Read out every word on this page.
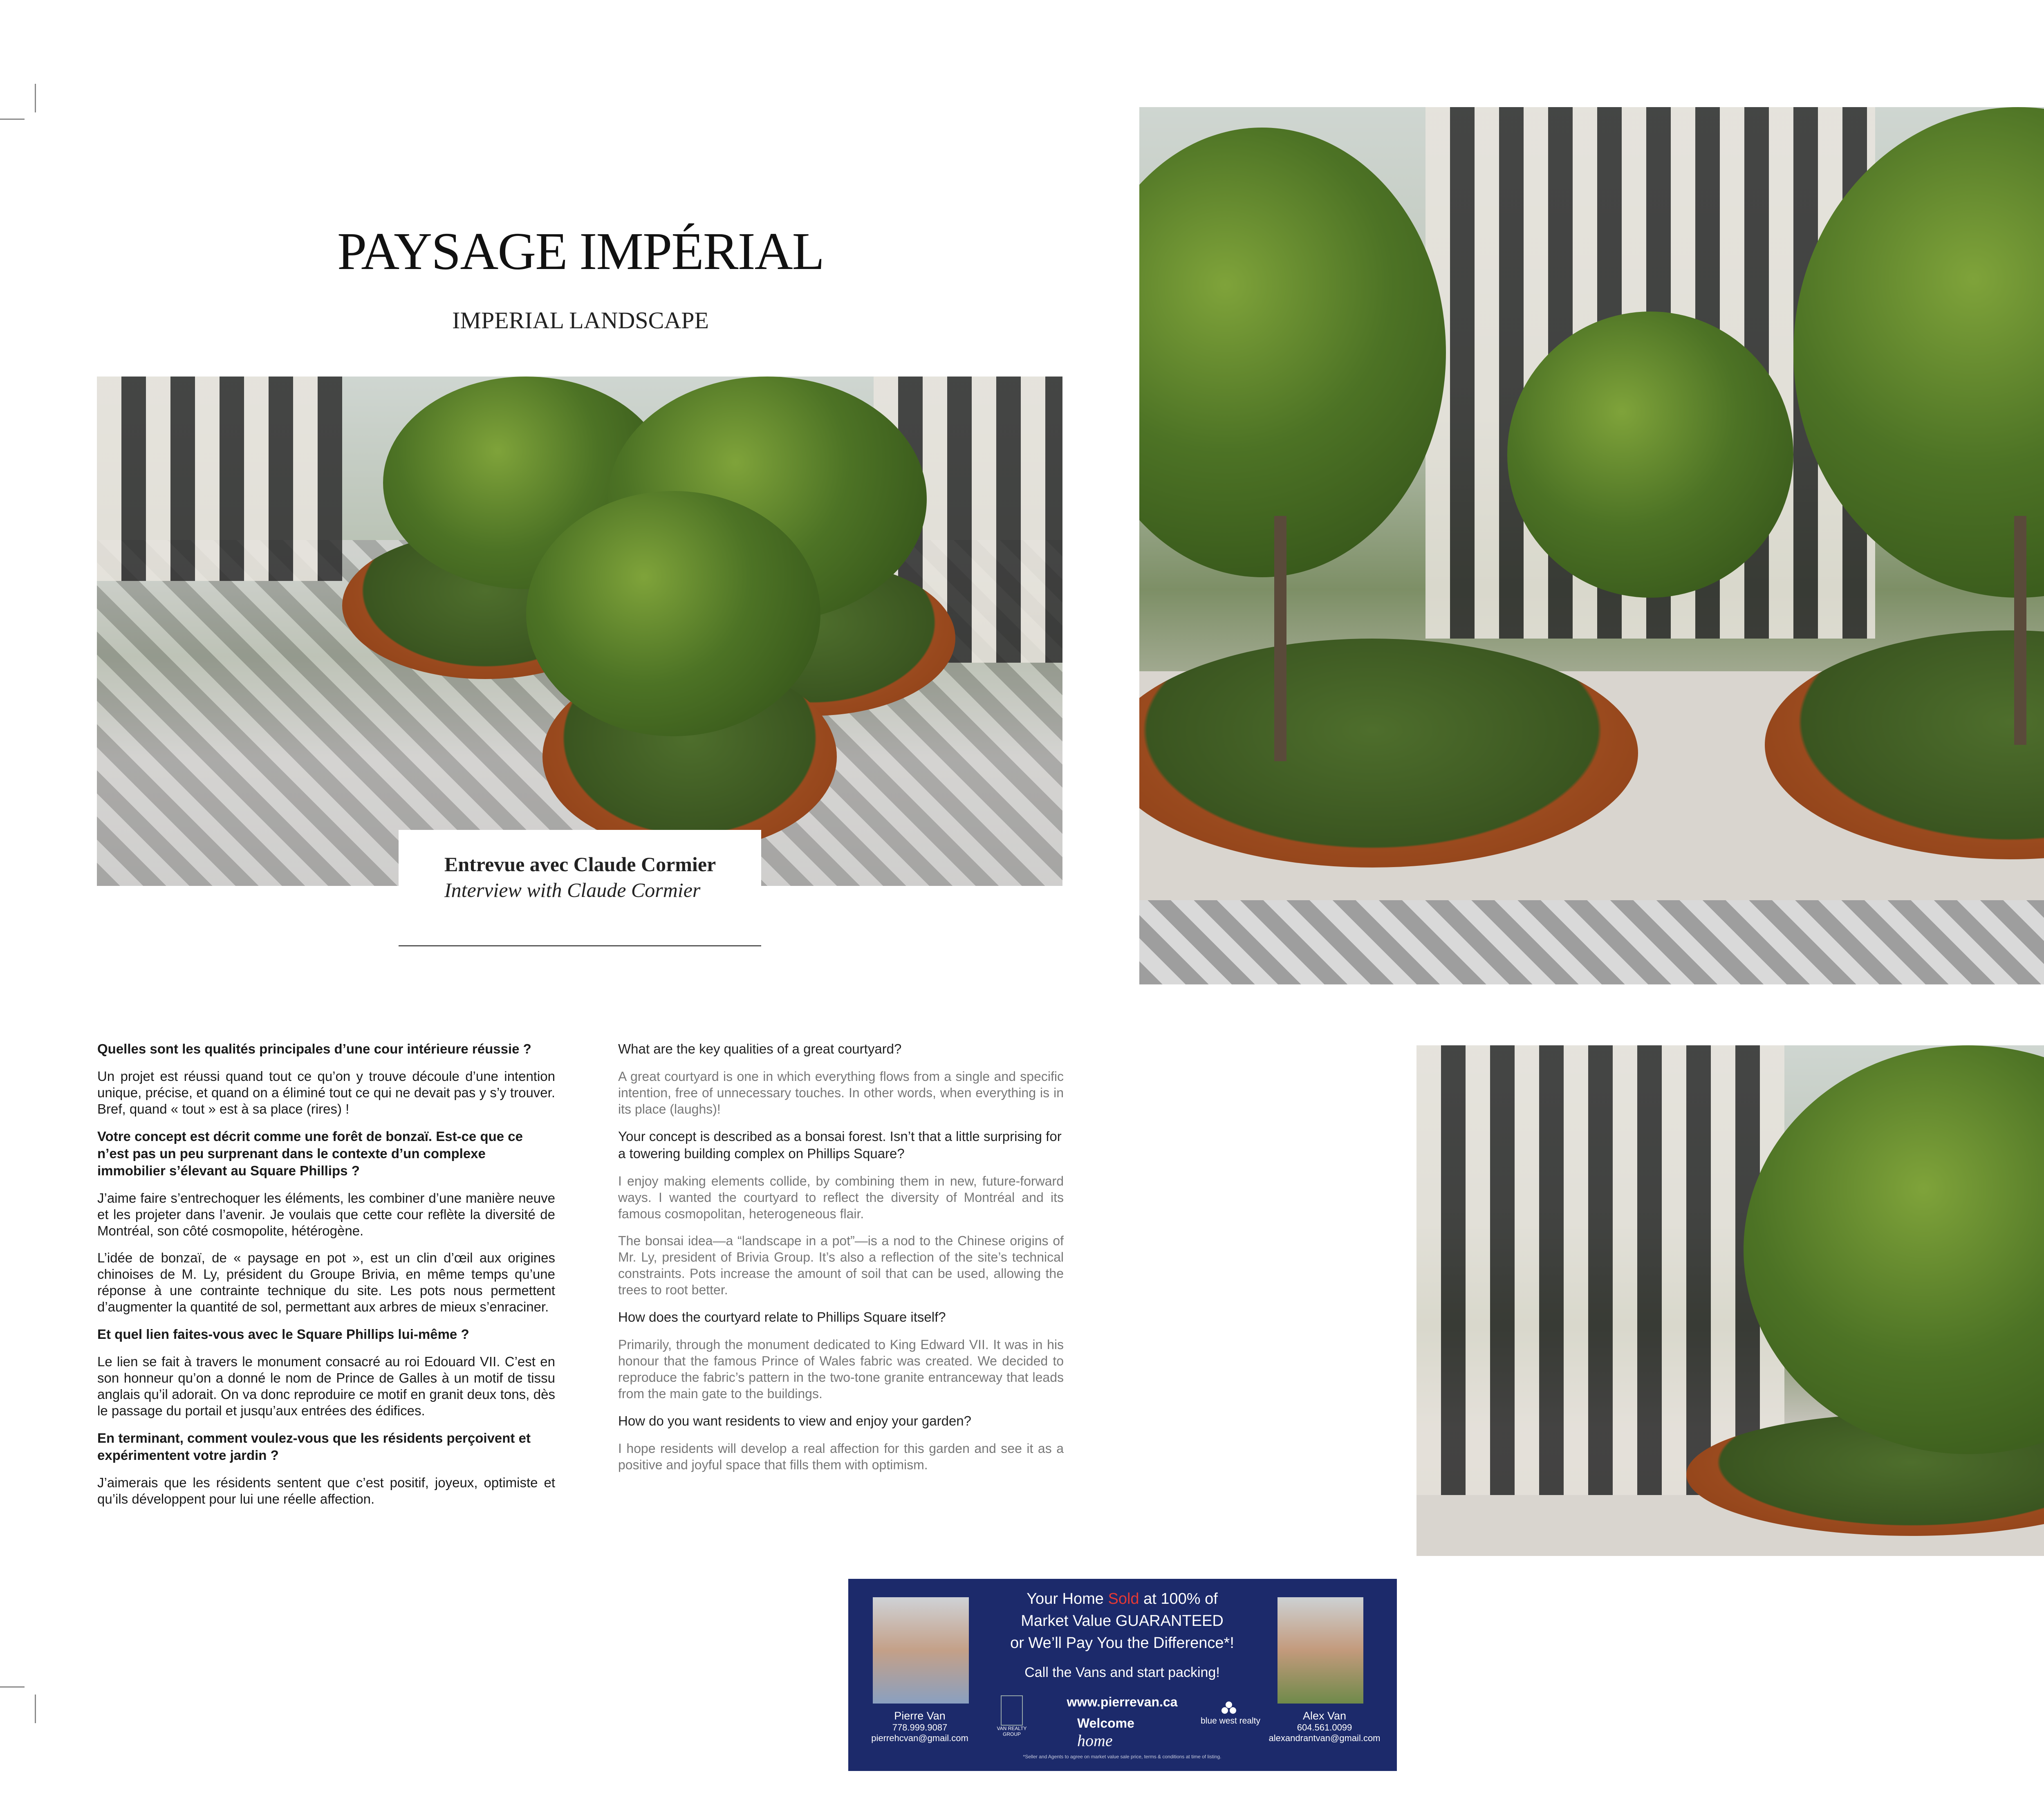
PAYSAGE IMPÉRIAL
IMPERIAL LANDSCAPE
Entrevue avec Claude Cormier
Interview with Claude Cormier

Quelles sont les qualités principales d’une cour intérieure réussie ?

Un projet est réussi quand tout ce qu’on y trouve découle d’une intention unique, précise, et quand on a éliminé tout ce qui ne devait pas y s’y trouver. Bref, quand « tout » est à sa place (rires) !

Votre concept est décrit comme une forêt de bonzaï. Est-ce que ce n’est pas un peu surprenant dans le contexte d’un complexe immobilier s’élevant au Square Phillips ?

J’aime faire s’entrechoquer les éléments, les combiner d’une manière neuve et les projeter dans l’avenir. Je voulais que cette cour reflète la diversité de Montréal, son côté cosmopolite, hétérogène.

L’idée de bonzaï, de « paysage en pot », est un clin d’œil aux origines chinoises de M. Ly, président du Groupe Brivia, en même temps qu’une réponse à une contrainte technique du site. Les pots nous permettent d’augmenter la quantité de sol, permettant aux arbres de mieux s’enraciner.

Et quel lien faites-vous avec le Square Phillips lui-même ?

Le lien se fait à travers le monument consacré au roi Edouard VII. C’est en son honneur qu’on a donné le nom de Prince de Galles à un motif de tissu anglais qu’il adorait. On va donc reproduire ce motif en granit deux tons, dès le passage du portail et jusqu’aux entrées des édifices.

En terminant, comment voulez-vous que les résidents perçoivent et expérimentent votre jardin ?

J’aimerais que les résidents sentent que c’est positif, joyeux, optimiste et qu’ils développent pour lui une réelle affection.

What are the key qualities of a great courtyard?

A great courtyard is one in which everything flows from a single and specific intention, free of unnecessary touches. In other words, when everything is in its place (laughs)!

Your concept is described as a bonsai forest. Isn’t that a little surprising for a towering building complex on Phillips Square?

I enjoy making elements collide, by combining them in new, future-forward ways. I wanted the courtyard to reflect the diversity of Montréal and its famous cosmopolitan, heterogeneous flair.

The bonsai idea—a “landscape in a pot”—is a nod to the Chinese origins of Mr. Ly, president of Brivia Group. It’s also a reflection of the site’s technical constraints. Pots increase the amount of soil that can be used, allowing the trees to root better.

How does the courtyard relate to Phillips Square itself?

Primarily, through the monument dedicated to King Edward VII. It was in his honour that the famous Prince of Wales fabric was created. We decided to reproduce the fabric’s pattern in the two-tone granite entranceway that leads from the main gate to the buildings.

How do you want residents to view and enjoy your garden?

I hope residents will develop a real affection for this garden and see it as a positive and joyful space that fills them with optimism.

Your Home Sold at 100% of
Market Value GUARANTEED
or We’ll Pay You the Difference*!
Call the Vans and start packing!
www.pierrevan.ca
VAN REALTY GROUP
Welcome home
blue west realty
Pierre Van
778.999.9087
pierrehcvan@gmail.com
Alex Van
604.561.0099
alexandrantvan@gmail.com
*Seller and Agents to agree on market value sale price, terms & conditions at time of listing.
